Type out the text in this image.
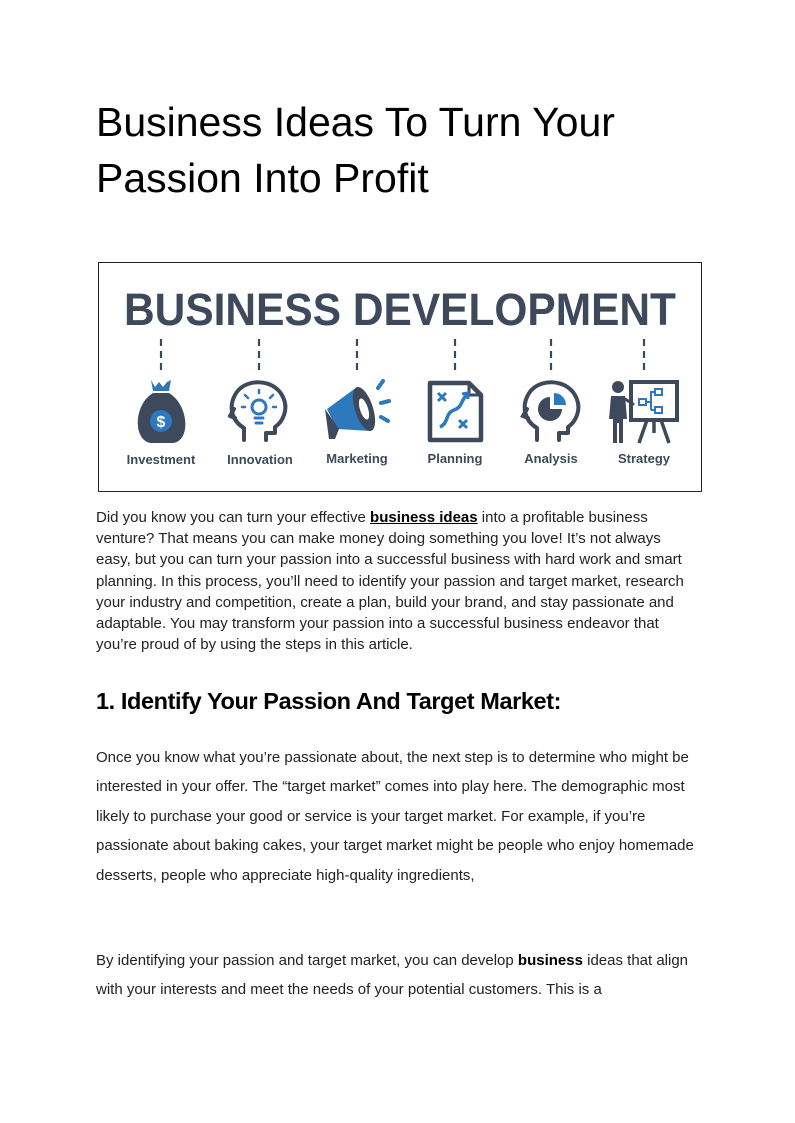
Business Ideas To Turn Your Passion Into Profit
BUSINESS DEVELOPMENT
$
Investment Innovation	Marketing	Planning	Analysis	Strategy

Did you know you can turn your effective business ideas into a profitable business venture? That means you can make money doing something you love! It’s not always easy, but you can turn your passion into a successful business with hard work and smart planning. In this process, you’ll need to identify your passion and target market, research your industry and competition, create a plan, build your brand, and stay passionate and adaptable. You may transform your passion into a successful business endeavor that you’re proud of by using the steps in this article.

1. Identify Your Passion And Target Market:

Once you know what you’re passionate about, the next step is to determine who might be interested in your offer. The “target market” comes into play here. The demographic most likely to purchase your good or service is your target market. For example, if you’re passionate about baking cakes, your target market might be people who enjoy homemade desserts, people who appreciate high-quality ingredients,

By identifying your passion and target market, you can develop business ideas that align with your interests and meet the needs of your potential customers. This is a
